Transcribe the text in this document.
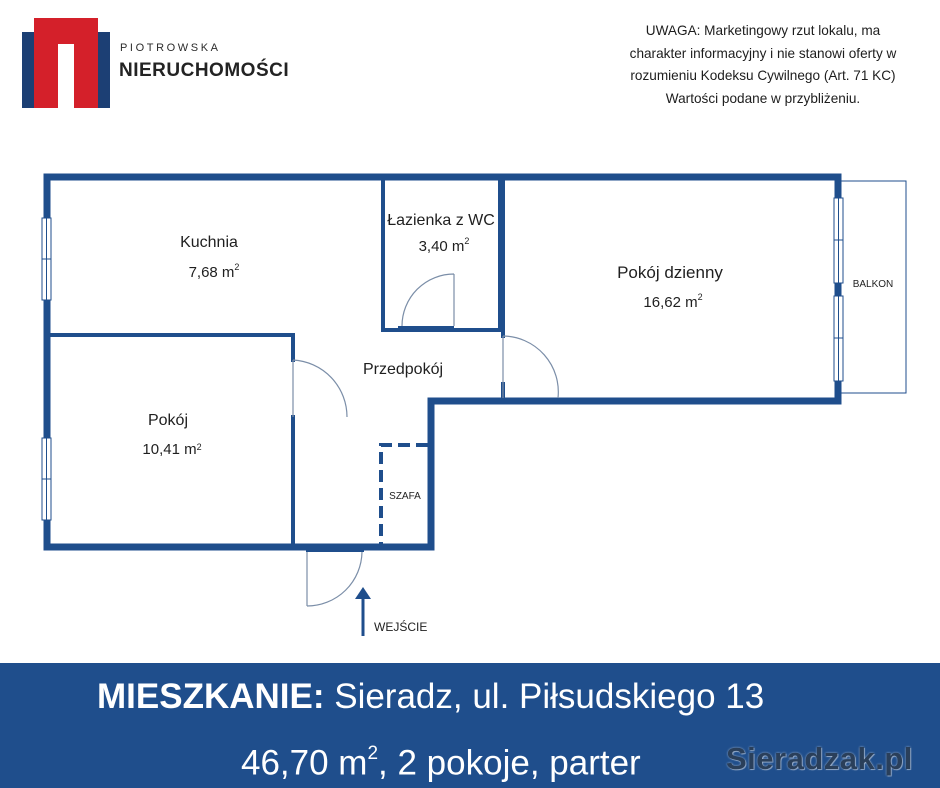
PIOTROWSKA
NIERUCHOMOŚCI
UWAGA: Marketingowy rzut lokalu, ma
charakter informacyjny i nie stanowi oferty w
rozumieniu Kodeksu Cywilnego (Art. 71 KC)
Wartości podane w przybliżeniu.
Kuchnia
7,68 $m^2$
Łazienka z WC
3,40 $m^2$
Pokój dzienny
16,62 $m^2$
Przedpokój
Pokój
10,41 $m^2$
BALKON
SZAFA
WEJŚCIE
MIESZKANIE: Sieradz, ul. Piłsudskiego 13
46,70 $m^2$, 2 pokoje, parter	Sieradzak.pl
